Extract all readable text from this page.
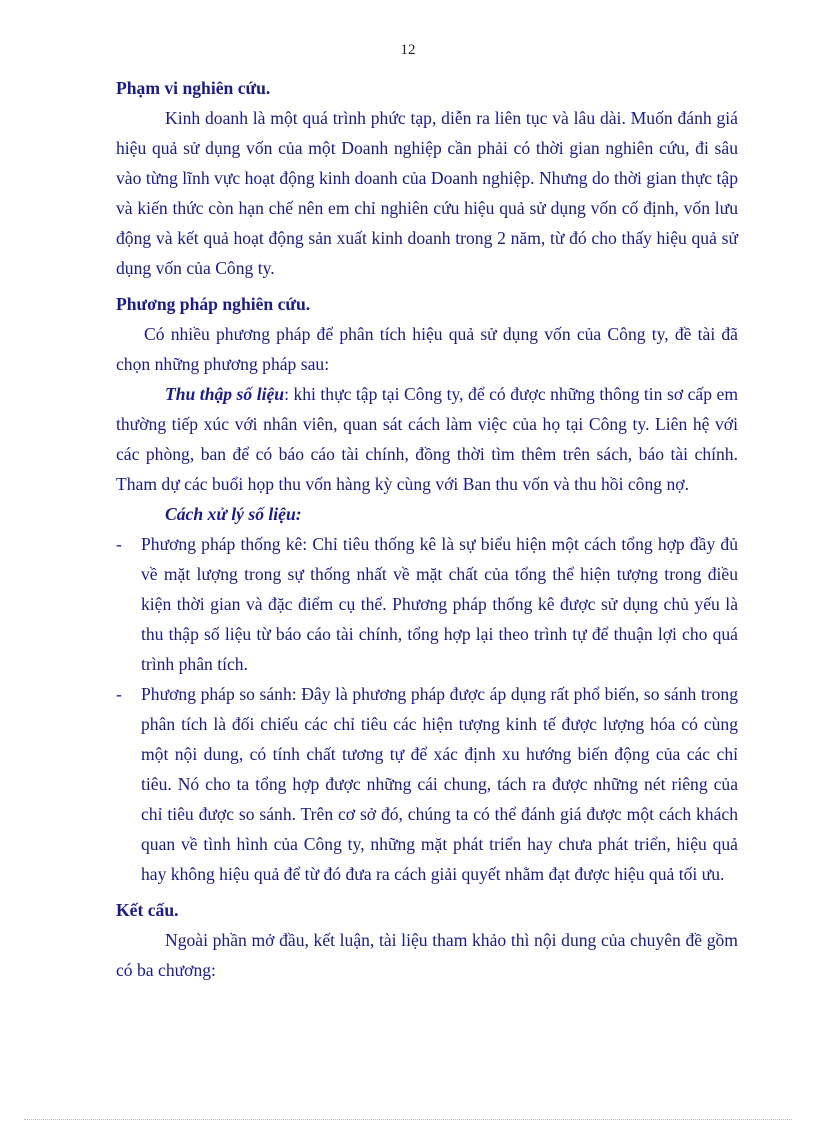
12
Phạm vi nghiên cứu.

Kinh doanh là một quá trình phức tạp, diễn ra liên tục và lâu dài. Muốn đánh giá hiệu quả sử dụng vốn của một Doanh nghiệp cần phải có thời gian nghiên cứu, đi sâu vào từng lĩnh vực hoạt động kinh doanh của Doanh nghiệp. Nhưng do thời gian thực tập và kiến thức còn hạn chế nên em chỉ nghiên cứu hiệu quả sử dụng vốn cố định, vốn lưu động và kết quả hoạt động sản xuất kinh doanh trong 2 năm, từ đó cho thấy hiệu quả sử dụng vốn của Công ty.

Phương pháp nghiên cứu.

Có nhiều phương pháp để phân tích hiệu quả sử dụng vốn của Công ty, đề tài đã chọn những phương pháp sau:

Thu thập số liệu: khi thực tập tại Công ty, để có được những thông tin sơ cấp em thường tiếp xúc với nhân viên, quan sát cách làm việc của họ tại Công ty. Liên hệ với các phòng, ban để có báo cáo tài chính, đồng thời tìm thêm trên sách, báo tài chính. Tham dự các buổi họp thu vốn hàng kỳ cùng với Ban thu vốn và thu hồi công nợ.

Cách xử lý số liệu:

- Phương pháp thống kê: Chỉ tiêu thống kê là sự biểu hiện một cách tổng hợp đầy đủ về mặt lượng trong sự thống nhất về mặt chất của tổng thể hiện tượng trong điều kiện thời gian và đặc điểm cụ thể. Phương pháp thống kê được sử dụng chủ yếu là thu thập số liệu từ báo cáo tài chính, tổng hợp lại theo trình tự để thuận lợi cho quá trình phân tích.
- Phương pháp so sánh: Đây là phương pháp được áp dụng rất phổ biến, so sánh trong phân tích là đối chiếu các chỉ tiêu các hiện tượng kinh tế được lượng hóa có cùng một nội dung, có tính chất tương tự để xác định xu hướng biến động của các chỉ tiêu. Nó cho ta tổng hợp được những cái chung, tách ra được những nét riêng của chỉ tiêu được so sánh. Trên cơ sở đó, chúng ta có thể đánh giá được một cách khách quan về tình hình của Công ty, những mặt phát triển hay chưa phát triển, hiệu quả hay không hiệu quả để từ đó đưa ra cách giải quyết nhằm đạt được hiệu quả tối ưu.
Kết cấu.

Ngoài phần mở đầu, kết luận, tài liệu tham khảo thì nội dung của chuyên đề gồm có ba chương:
